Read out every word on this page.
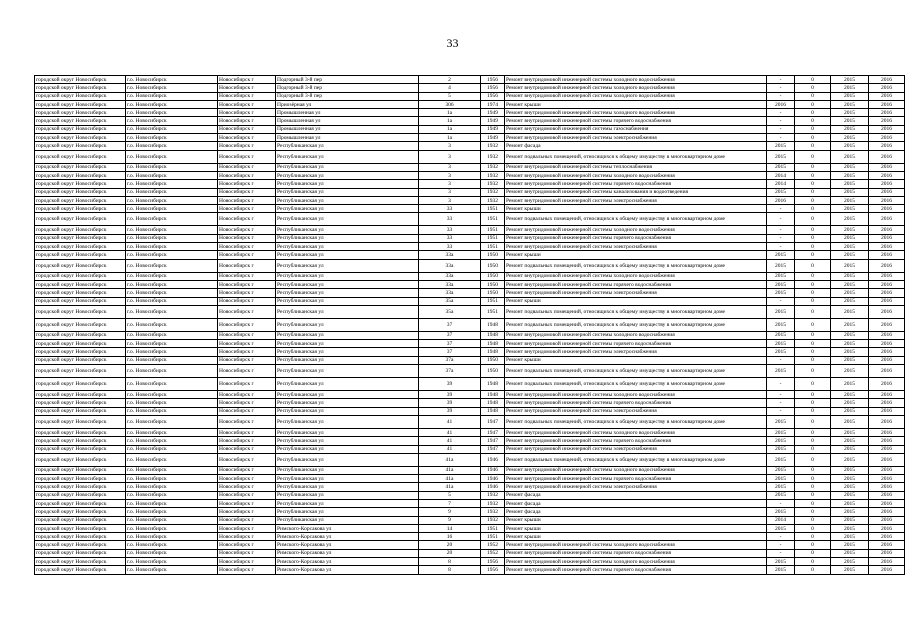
33
городской округ Новосибирск	г.о. Новосибирск	Новосибирск г	Подгорный 3-й пер	2	1956	Ремонт внутридомовой инженерной системы холодного водоснабжения	-	0	2015	2016
городской округ Новосибирск	г.о. Новосибирск	Новосибирск г	Подгорный 3-й пер	4	1956	Ремонт внутридомовой инженерной системы холодного водоснабжения	-	0	2015	2016
городской округ Новосибирск	г.о. Новосибирск	Новосибирск г	Подгорный 3-й пер	5	1956	Ремонт внутридомовой инженерной системы холодного водоснабжения	-	0	2015	2016
городской округ Новосибирск	г.о. Новосибирск	Новосибирск г	Приозёрная ул	306	1974	Ремонт крыши	2016	0	2015	2016
городской округ Новосибирск	г.о. Новосибирск	Новосибирск г	Промышленная ул	1а	1949	Ремонт внутридомовой инженерной системы холодного водоснабжения	-	0	2015	2016
городской округ Новосибирск	г.о. Новосибирск	Новосибирск г	Промышленная ул	1а	1949	Ремонт внутридомовой инженерной системы горячего водоснабжения	-	0	2015	2016
городской округ Новосибирск	г.о. Новосибирск	Новосибирск г	Промышленная ул	1а	1949	Ремонт внутридомовой инженерной системы газоснабжения	-	0	2015	2016
городской округ Новосибирск	г.о. Новосибирск	Новосибирск г	Промышленная ул	1а	1949	Ремонт внутридомовой инженерной системы электроснабжения	-	0	2015	2016
городской округ Новосибирск	г.о. Новосибирск	Новосибирск г	Республиканская ул	3	1932	Ремонт фасада	2015	0	2015	2016
городской округ Новосибирск	г.о. Новосибирск	Новосибирск г	Республиканская ул	3	1932	Ремонт подвальных помещений, относящихся к общему имуществу в многоквартирном доме	2015	0	2015	2016
городской округ Новосибирск	г.о. Новосибирск	Новосибирск г	Республиканская ул	3	1932	Ремонт внутридомовой инженерной системы теплоснабжения	2015	0	2015	2016
городской округ Новосибирск	г.о. Новосибирск	Новосибирск г	Республиканская ул	3	1932	Ремонт внутридомовой инженерной системы холодного водоснабжения	2014	0	2015	2016
городской округ Новосибирск	г.о. Новосибирск	Новосибирск г	Республиканская ул	3	1932	Ремонт внутридомовой инженерной системы горячего водоснабжения	2014	0	2015	2016
городской округ Новосибирск	г.о. Новосибирск	Новосибирск г	Республиканская ул	3	1932	Ремонт внутридомовой инженерной системы канализования и водоотведения	2015	0	2015	2016
городской округ Новосибирск	г.о. Новосибирск	Новосибирск г	Республиканская ул	3	1932	Ремонт внутридомовой инженерной системы электроснабжения	2016	0	2015	2016
городской округ Новосибирск	г.о. Новосибирск	Новосибирск г	Республиканская ул	33	1951	Ремонт крыши	-	0	2015	2016
городской округ Новосибирск	г.о. Новосибирск	Новосибирск г	Республиканская ул	33	1951	Ремонт подвальных помещений, относящихся к общему имуществу в многоквартирном доме	-	0	2015	2016
городской округ Новосибирск	г.о. Новосибирск	Новосибирск г	Республиканская ул	33	1951	Ремонт внутридомовой инженерной системы холодного водоснабжения	-	0	2015	2016
городской округ Новосибирск	г.о. Новосибирск	Новосибирск г	Республиканская ул	33	1951	Ремонт внутридомовой инженерной системы горячего водоснабжения	-	0	2015	2016
городской округ Новосибирск	г.о. Новосибирск	Новосибирск г	Республиканская ул	33	1951	Ремонт внутридомовой инженерной системы электроснабжения	-	0	2015	2016
городской округ Новосибирск	г.о. Новосибирск	Новосибирск г	Республиканская ул	33а	1950	Ремонт крыши	2015	0	2015	2016
городской округ Новосибирск	г.о. Новосибирск	Новосибирск г	Республиканская ул	33а	1950	Ремонт подвальных помещений, относящихся к общему имуществу в многоквартирном доме	2015	0	2015	2016
городской округ Новосибирск	г.о. Новосибирск	Новосибирск г	Республиканская ул	33а	1950	Ремонт внутридомовой инженерной системы холодного водоснабжения	2015	0	2015	2016
городской округ Новосибирск	г.о. Новосибирск	Новосибирск г	Республиканская ул	33а	1950	Ремонт внутридомовой инженерной системы горячего водоснабжения	2015	0	2015	2016
городской округ Новосибирск	г.о. Новосибирск	Новосибирск г	Республиканская ул	33а	1950	Ремонт внутридомовой инженерной системы электроснабжения	2015	0	2015	2016
городской округ Новосибирск	г.о. Новосибирск	Новосибирск г	Республиканская ул	35а	1951	Ремонт крыши	-	0	2015	2016
городской округ Новосибирск	г.о. Новосибирск	Новосибирск г	Республиканская ул	35а	1951	Ремонт подвальных помещений, относящихся к общему имуществу в многоквартирном доме	2015	0	2015	2016
городской округ Новосибирск	г.о. Новосибирск	Новосибирск г	Республиканская ул	37	1948	Ремонт подвальных помещений, относящихся к общему имуществу в многоквартирном доме	2015	0	2015	2016
городской округ Новосибирск	г.о. Новосибирск	Новосибирск г	Республиканская ул	37	1948	Ремонт внутридомовой инженерной системы холодного водоснабжения	2015	0	2015	2016
городской округ Новосибирск	г.о. Новосибирск	Новосибирск г	Республиканская ул	37	1948	Ремонт внутридомовой инженерной системы горячего водоснабжения	2015	0	2015	2016
городской округ Новосибирск	г.о. Новосибирск	Новосибирск г	Республиканская ул	37	1948	Ремонт внутридомовой инженерной системы электроснабжения	2015	0	2015	2016
городской округ Новосибирск	г.о. Новосибирск	Новосибирск г	Республиканская ул	37а	1950	Ремонт крыши	-	0	2015	2016
городской округ Новосибирск	г.о. Новосибирск	Новосибирск г	Республиканская ул	37а	1950	Ремонт подвальных помещений, относящихся к общему имуществу в многоквартирном доме	2015	0	2015	2016
городской округ Новосибирск	г.о. Новосибирск	Новосибирск г	Республиканская ул	39	1948	Ремонт подвальных помещений, относящихся к общему имуществу в многоквартирном доме	-	0	2015	2016
городской округ Новосибирск	г.о. Новосибирск	Новосибирск г	Республиканская ул	39	1948	Ремонт внутридомовой инженерной системы холодного водоснабжения	-	0	2015	2016
городской округ Новосибирск	г.о. Новосибирск	Новосибирск г	Республиканская ул	39	1948	Ремонт внутридомовой инженерной системы горячего водоснабжения	-	0	2015	2016
городской округ Новосибирск	г.о. Новосибирск	Новосибирск г	Республиканская ул	39	1948	Ремонт внутридомовой инженерной системы электроснабжения	-	0	2015	2016
городской округ Новосибирск	г.о. Новосибирск	Новосибирск г	Республиканская ул	41	1947	Ремонт подвальных помещений, относящихся к общему имуществу в многоквартирном доме	2015	0	2015	2016
городской округ Новосибирск	г.о. Новосибирск	Новосибирск г	Республиканская ул	41	1947	Ремонт внутридомовой инженерной системы холодного водоснабжения	2015	0	2015	2016
городской округ Новосибирск	г.о. Новосибирск	Новосибирск г	Республиканская ул	41	1947	Ремонт внутридомовой инженерной системы горячего водоснабжения	2015	0	2015	2016
городской округ Новосибирск	г.о. Новосибирск	Новосибирск г	Республиканская ул	41	1947	Ремонт внутридомовой инженерной системы электроснабжения	2015	0	2015	2016
городской округ Новосибирск	г.о. Новосибирск	Новосибирск г	Республиканская ул	41а	1946	Ремонт подвальных помещений, относящихся к общему имуществу в многоквартирном доме	2015	0	2015	2016
городской округ Новосибирск	г.о. Новосибирск	Новосибирск г	Республиканская ул	41а	1946	Ремонт внутридомовой инженерной системы холодного водоснабжения	2015	0	2015	2016
городской округ Новосибирск	г.о. Новосибирск	Новосибирск г	Республиканская ул	41а	1946	Ремонт внутридомовой инженерной системы горячего водоснабжения	2015	0	2015	2016
городской округ Новосибирск	г.о. Новосибирск	Новосибирск г	Республиканская ул	41а	1946	Ремонт внутридомовой инженерной системы электроснабжения	2015	0	2015	2016
городской округ Новосибирск	г.о. Новосибирск	Новосибирск г	Республиканская ул	5	1932	Ремонт фасада	2015	0	2015	2016
городской округ Новосибирск	г.о. Новосибирск	Новосибирск г	Республиканская ул	7	1932	Ремонт фасада	-	0	2015	2016
городской округ Новосибирск	г.о. Новосибирск	Новосибирск г	Республиканская ул	9	1932	Ремонт фасада	2015	0	2015	2016
городской округ Новосибирск	г.о. Новосибирск	Новосибирск г	Республиканская ул	9	1932	Ремонт крыши	2014	0	2015	2016
городской округ Новосибирск	г.о. Новосибирск	Новосибирск г	Римского-Корсакова ул	14	1951	Ремонт крыши	2015	0	2015	2016
городской округ Новосибирск	г.о. Новосибирск	Новосибирск г	Римского-Корсакова ул	16	1951	Ремонт крыши	-	0	2015	2016
городской округ Новосибирск	г.о. Новосибирск	Новосибирск г	Римского-Корсакова ул	20	1952	Ремонт внутридомовой инженерной системы холодного водоснабжения	-	0	2015	2016
городской округ Новосибирск	г.о. Новосибирск	Новосибирск г	Римского-Корсакова ул	20	1952	Ремонт внутридомовой инженерной системы горячего водоснабжения	-	0	2015	2016
городской округ Новосибирск	г.о. Новосибирск	Новосибирск г	Римского-Корсакова ул	8	1956	Ремонт внутридомовой инженерной системы холодного водоснабжения	2015	0	2015	2016
городской округ Новосибирск	г.о. Новосибирск	Новосибирск г	Римского-Корсакова ул	8	1956	Ремонт внутридомовой инженерной системы горячего водоснабжения	2015	0	2015	2016
